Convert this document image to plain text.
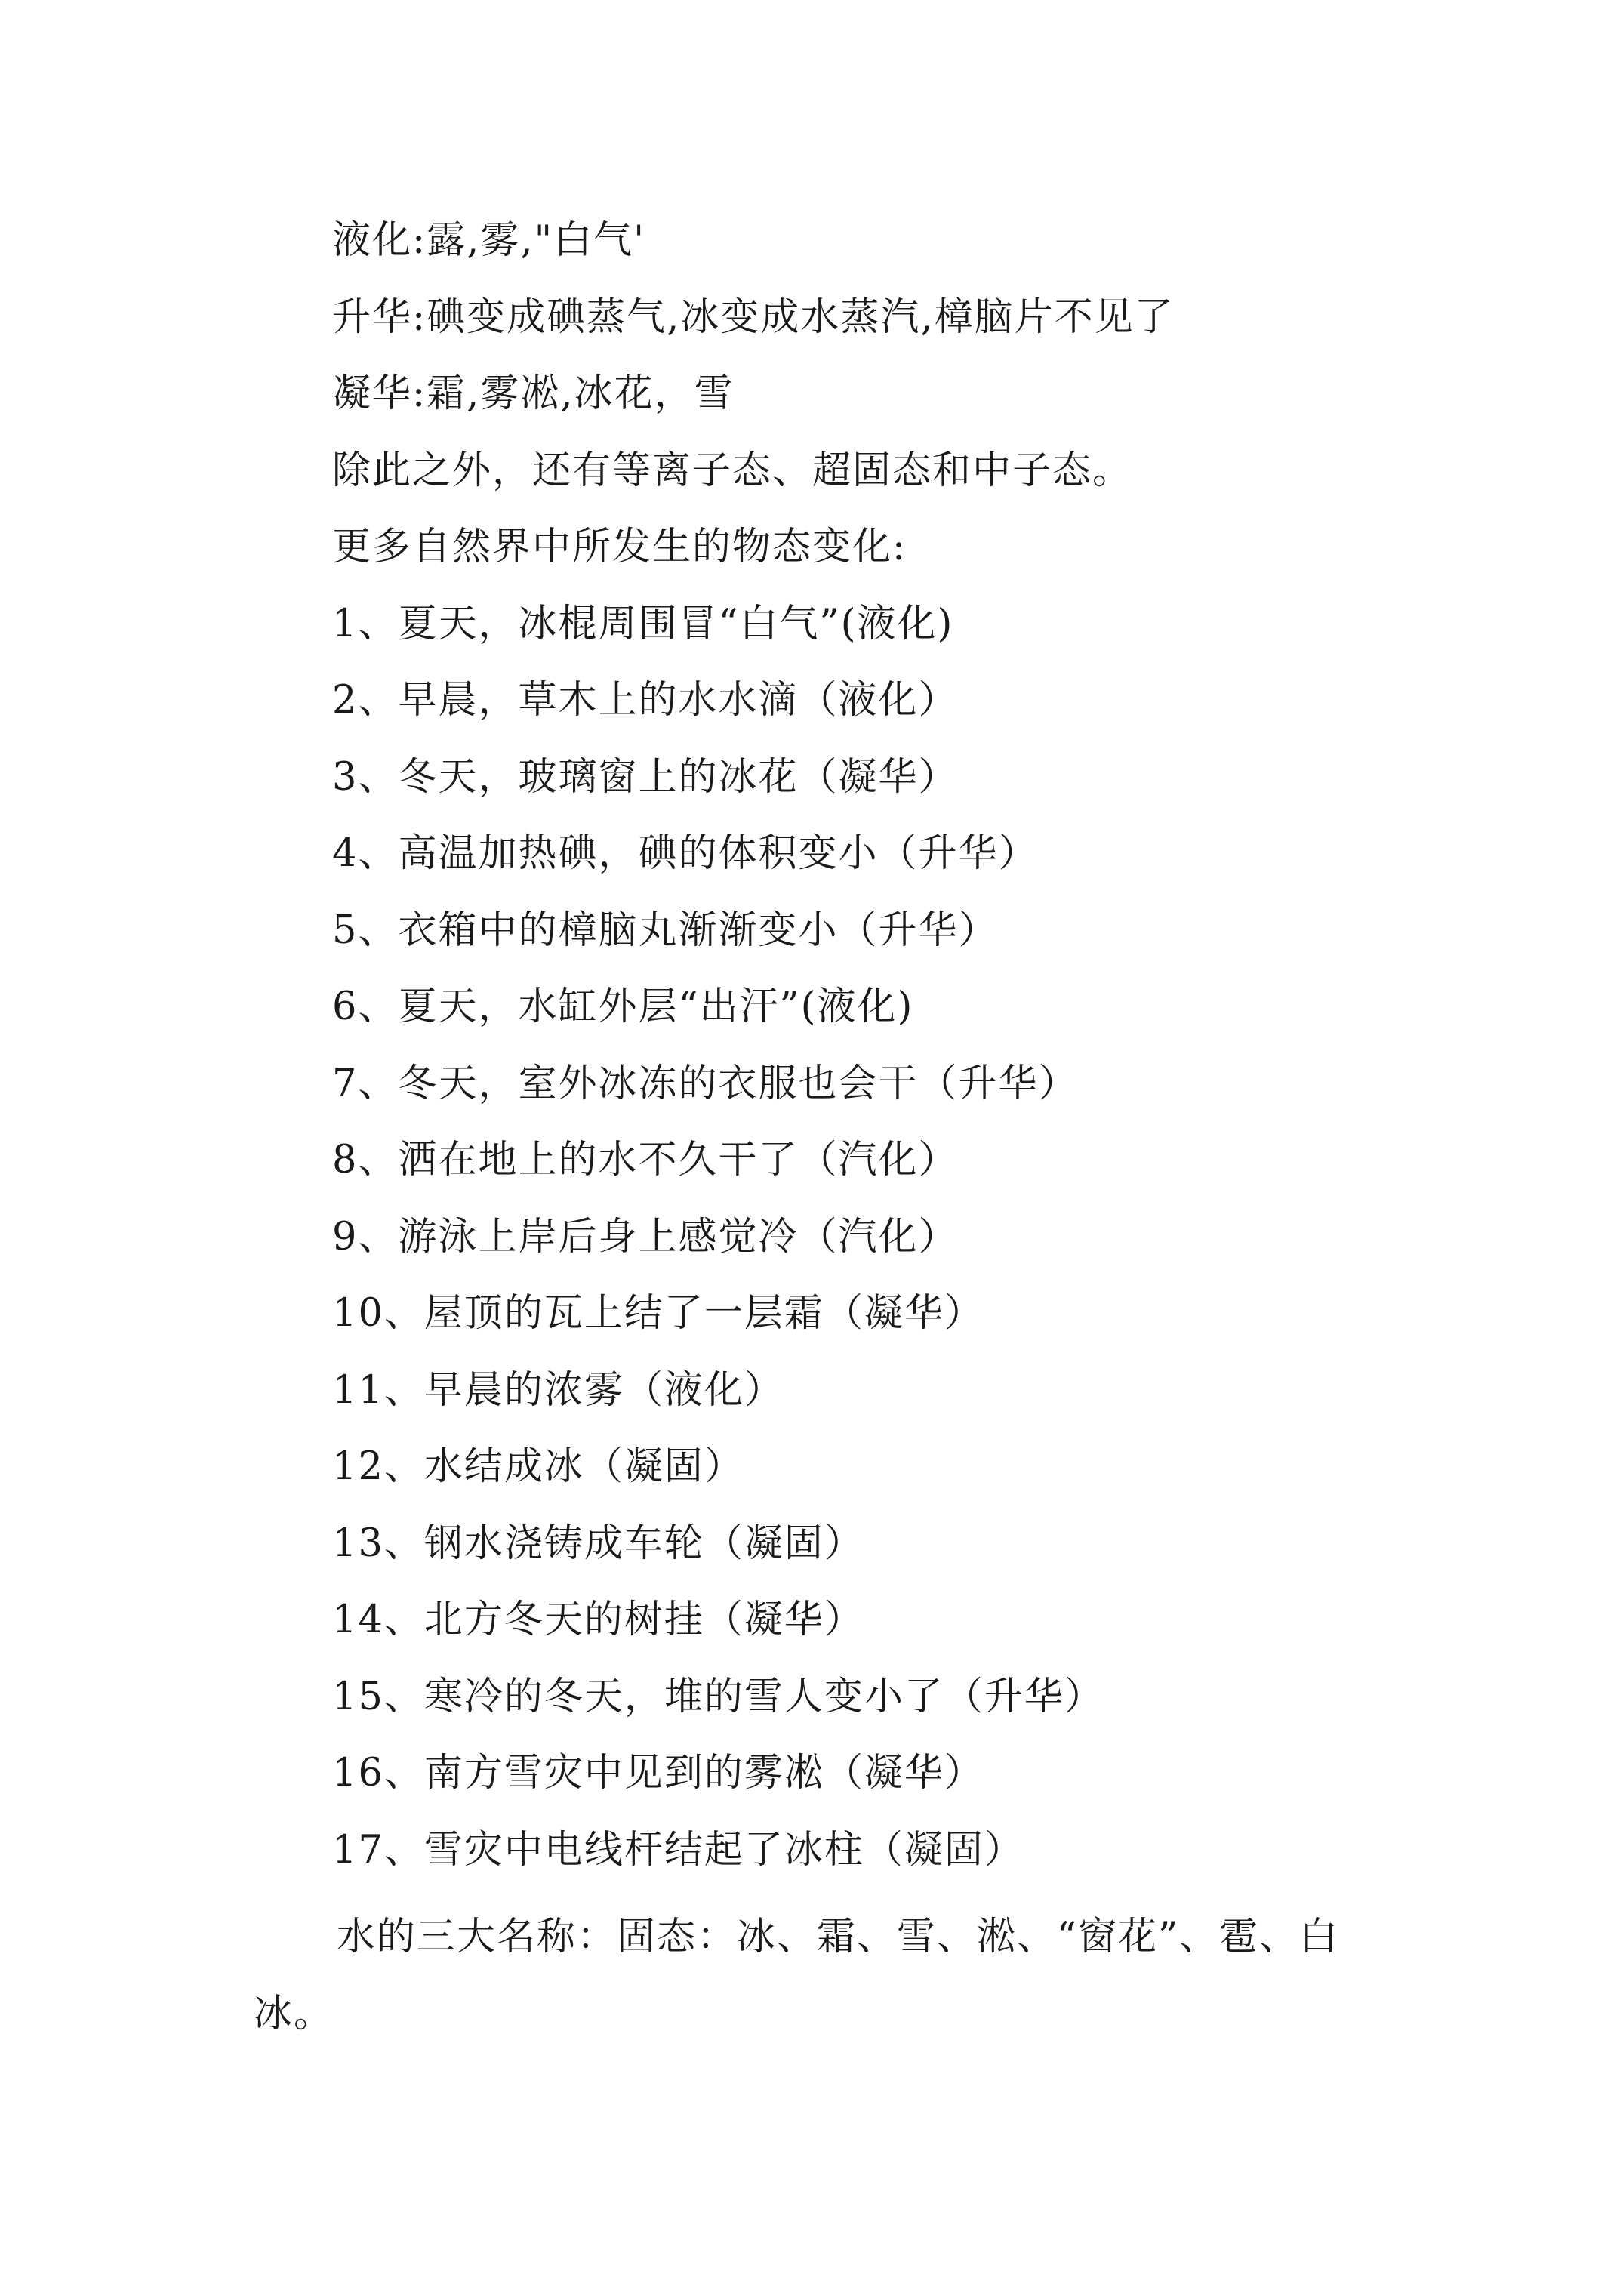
液化:露,雾,"白气'
升华:碘变成碘蒸气,冰变成水蒸汽,樟脑片不见了
凝华:霜,雾凇,冰花，雪
除此之外，还有等离子态、超固态和中子态。
更多自然界中所发生的物态变化:
1、夏天，冰棍周围冒“白气”(液化)
2、早晨，草木上的水水滴（液化）
3、冬天，玻璃窗上的冰花（凝华）
4、高温加热碘，碘的体积变小（升华）
5、衣箱中的樟脑丸渐渐变小（升华）
6、夏天，水缸外层“出汗”(液化)
7、冬天，室外冰冻的衣服也会干（升华）
8、洒在地上的水不久干了（汽化）
9、游泳上岸后身上感觉冷（汽化）
10、屋顶的瓦上结了一层霜（凝华）
11、早晨的浓雾（液化）
12、水结成冰（凝固）
13、钢水浇铸成车轮（凝固）
14、北方冬天的树挂（凝华）
15、寒冷的冬天，堆的雪人变小了（升华）
16、南方雪灾中见到的雾凇（凝华）
17、雪灾中电线杆结起了冰柱（凝固）
水的三大名称：固态：冰、霜、雪、淞、“窗花”、雹、白冰。
